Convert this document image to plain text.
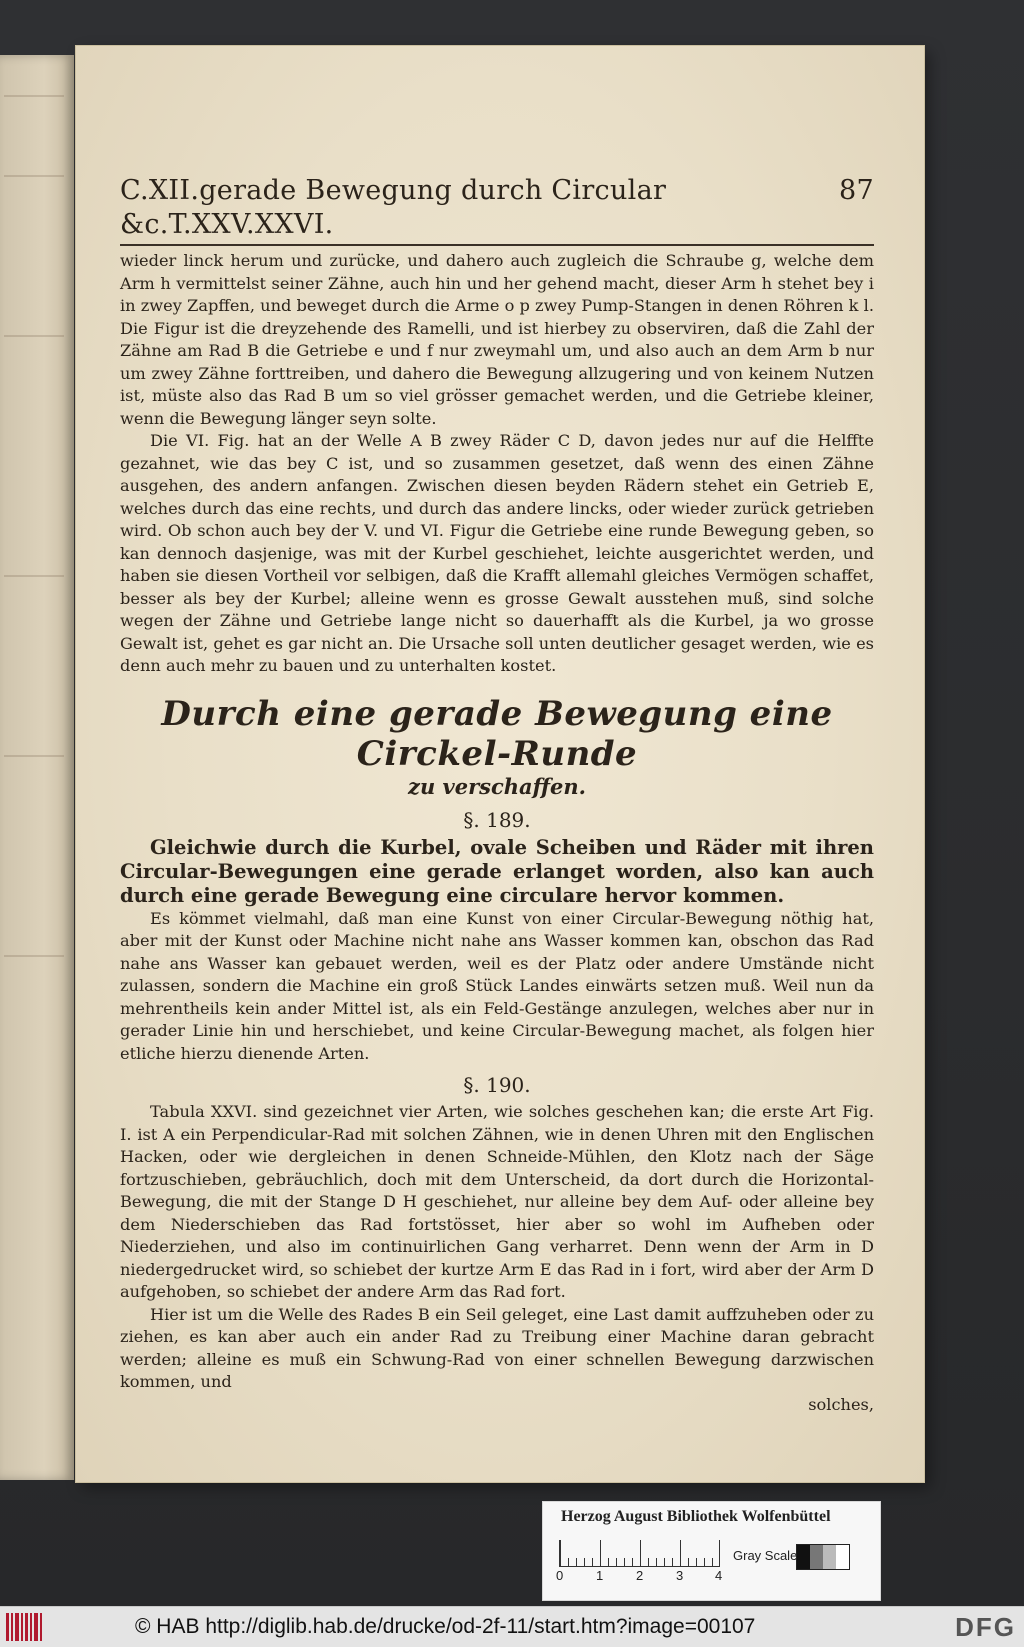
C.XII.gerade Bewegung durch Circular &c.T.XXV.XXVI.
87

wieder linck herum und zurücke, und dahero auch zugleich die Schraube g, welche dem Arm h vermittelst seiner Zähne, auch hin und her gehend macht, dieser Arm h stehet bey i in zwey Zapffen, und beweget durch die Arme o p zwey Pump-Stangen in denen Röhren k l. Die Figur ist die dreyzehende des Ramelli, und ist hierbey zu observiren, daß die Zahl der Zähne am Rad B die Getriebe e und f nur zweymahl um, und also auch an dem Arm b nur um zwey Zähne forttreiben, und dahero die Bewegung allzugering und von keinem Nutzen ist, müste also das Rad B um so viel grösser gemachet werden, und die Getriebe kleiner, wenn die Bewegung länger seyn solte.

Die VI. Fig. hat an der Welle A B zwey Räder C D, davon jedes nur auf die Helffte gezahnet, wie das bey C ist, und so zusammen gesetzet, daß wenn des einen Zähne ausgehen, des andern anfangen. Zwischen diesen beyden Rädern stehet ein Getrieb E, welches durch das eine rechts, und durch das andere lincks, oder wieder zurück getrieben wird. Ob schon auch bey der V. und VI. Figur die Getriebe eine runde Bewegung geben, so kan dennoch dasjenige, was mit der Kurbel geschiehet, leichte ausgerichtet werden, und haben sie diesen Vortheil vor selbigen, daß die Krafft allemahl gleiches Vermögen schaffet, besser als bey der Kurbel; alleine wenn es grosse Gewalt ausstehen muß, sind solche wegen der Zähne und Getriebe lange nicht so dauerhafft als die Kurbel, ja wo grosse Gewalt ist, gehet es gar nicht an. Die Ursache soll unten deutlicher gesaget werden, wie es denn auch mehr zu bauen und zu unterhalten kostet.

Durch eine gerade Bewegung eine Circkel-Runde
zu verschaffen.
§. 189.

Gleichwie durch die Kurbel, ovale Scheiben und Räder mit ihren Circular-Bewegungen eine gerade erlanget worden, also kan auch durch eine gerade Bewegung eine circulare hervor kommen.

Es kömmet vielmahl, daß man eine Kunst von einer Circular-Bewegung nöthig hat, aber mit der Kunst oder Machine nicht nahe ans Wasser kommen kan, obschon das Rad nahe ans Wasser kan gebauet werden, weil es der Platz oder andere Umstände nicht zulassen, sondern die Machine ein groß Stück Landes einwärts setzen muß. Weil nun da mehrentheils kein ander Mittel ist, als ein Feld-Gestänge anzulegen, welches aber nur in gerader Linie hin und herschiebet, und keine Circular-Bewegung machet, als folgen hier etliche hierzu dienende Arten.

§. 190.

Tabula XXVI. sind gezeichnet vier Arten, wie solches geschehen kan; die erste Art Fig. I. ist A ein Perpendicular-Rad mit solchen Zähnen, wie in denen Uhren mit den Englischen Hacken, oder wie dergleichen in denen Schneide-Mühlen, den Klotz nach der Säge fortzuschieben, gebräuchlich, doch mit dem Unterscheid, da dort durch die Horizontal-Bewegung, die mit der Stange D H geschiehet, nur alleine bey dem Auf- oder alleine bey dem Niederschieben das Rad fortstösset, hier aber so wohl im Aufheben oder Niederziehen, und also im continuirlichen Gang verharret. Denn wenn der Arm in D niedergedrucket wird, so schiebet der kurtze Arm E das Rad in i fort, wird aber der Arm D aufgehoben, so schiebet der andere Arm das Rad fort.

Hier ist um die Welle des Rades B ein Seil geleget, eine Last damit auffzuheben oder zu ziehen, es kan aber auch ein ander Rad zu Treibung einer Machine daran gebracht werden; alleine es muß ein Schwung-Rad von einer schnellen Bewegung darzwischen kommen, und

solches,
Herzog August Bibliothek Wolfenbüttel
0	1	2	3 4
Gray Scale
© HAB http://diglib.hab.de/drucke/od-2f-11/start.htm?image=00107	DFG
